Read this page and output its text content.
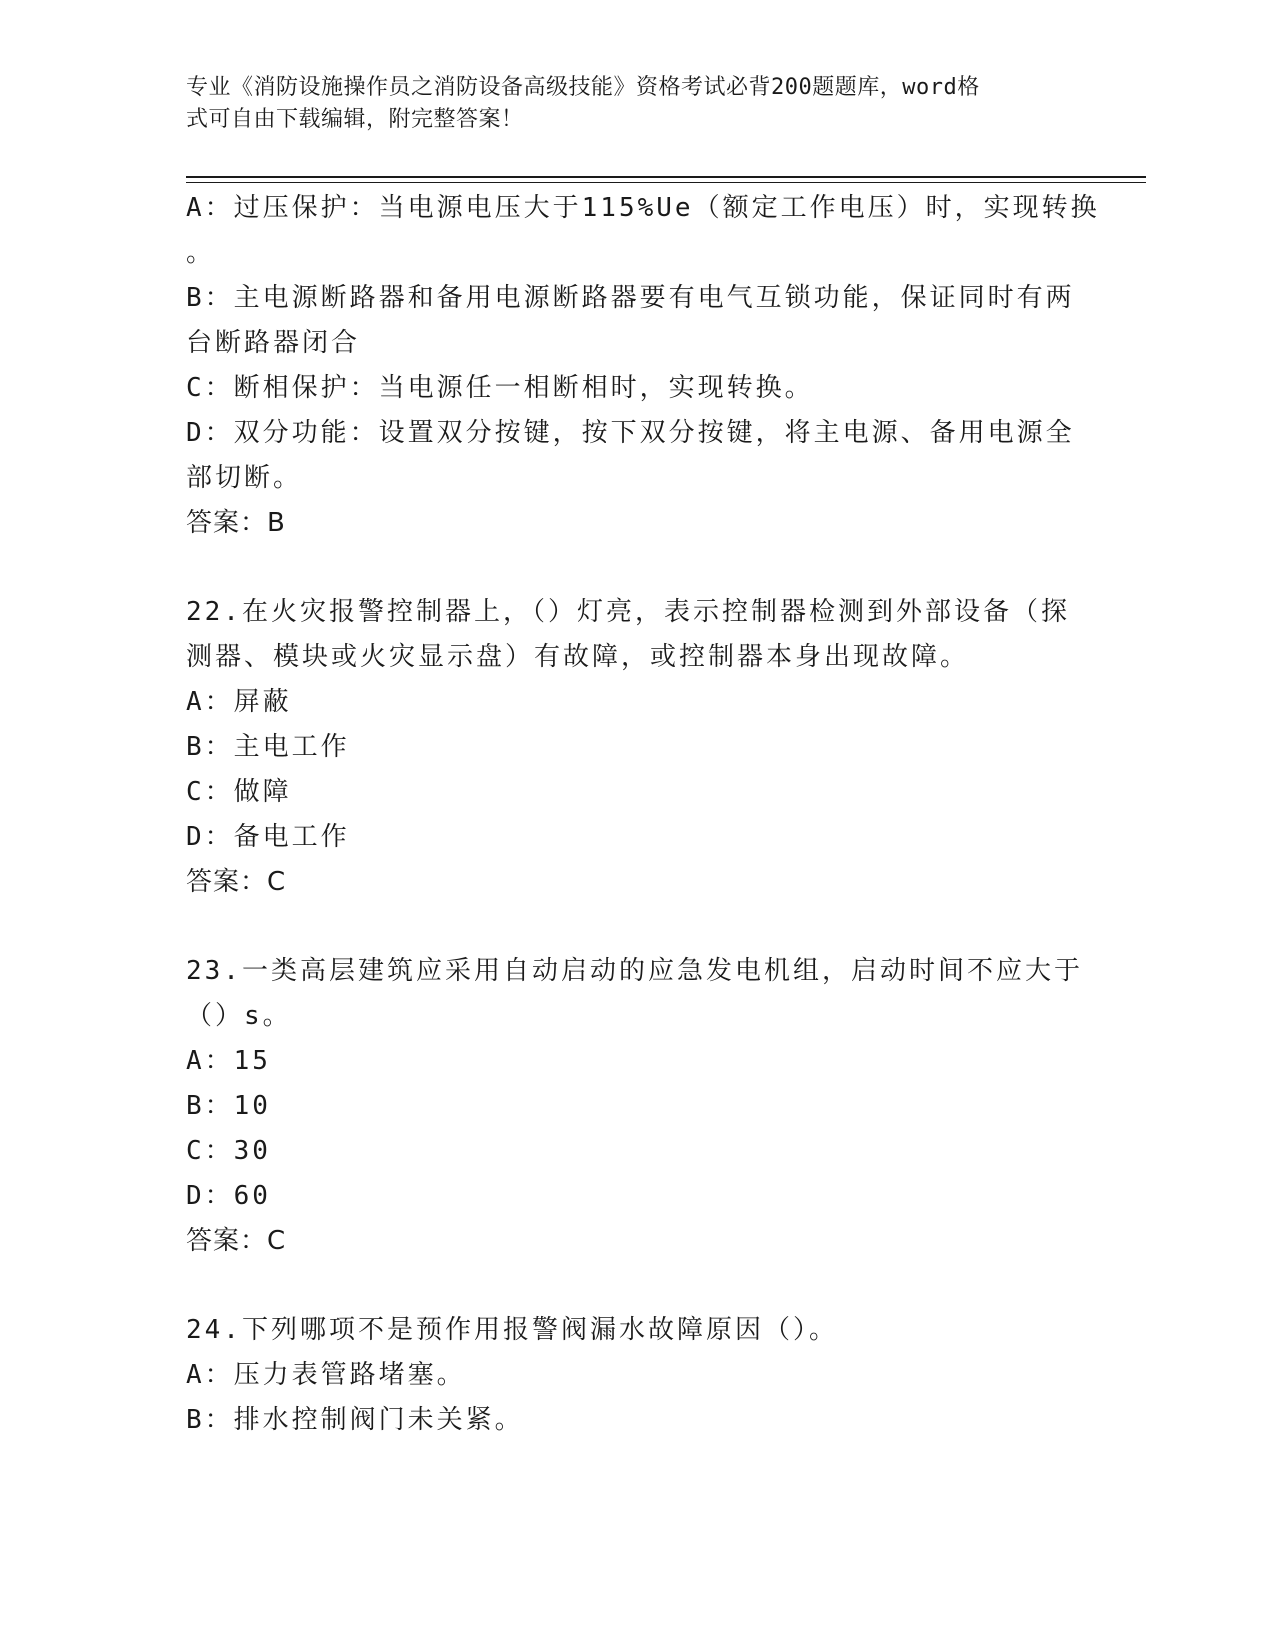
专业《消防设施操作员之消防设备高级技能》资格考试必背200题题库，word格
式可自由下载编辑，附完整答案！
A：过压保护：当电源电压大于115%Ue（额定工作电压）时，实现转换
。
B：主电源断路器和备用电源断路器要有电气互锁功能，保证同时有两
台断路器闭合
C：断相保护：当电源任一相断相时，实现转换。
D：双分功能：设置双分按键，按下双分按键，将主电源、备用电源全
部切断。
答案：B
22.在火灾报警控制器上，（）灯亮，表示控制器检测到外部设备（探
测器、模块或火灾显示盘）有故障，或控制器本身出现故障。
A：屏蔽
B：主电工作
C：做障
D：备电工作
答案：C
23.一类高层建筑应采用自动启动的应急发电机组，启动时间不应大于
（）s。
A：15
B：10
C：30
D：60
答案：C
24.下列哪项不是预作用报警阀漏水故障原因（）。
A：压力表管路堵塞。
B：排水控制阀门未关紧。
